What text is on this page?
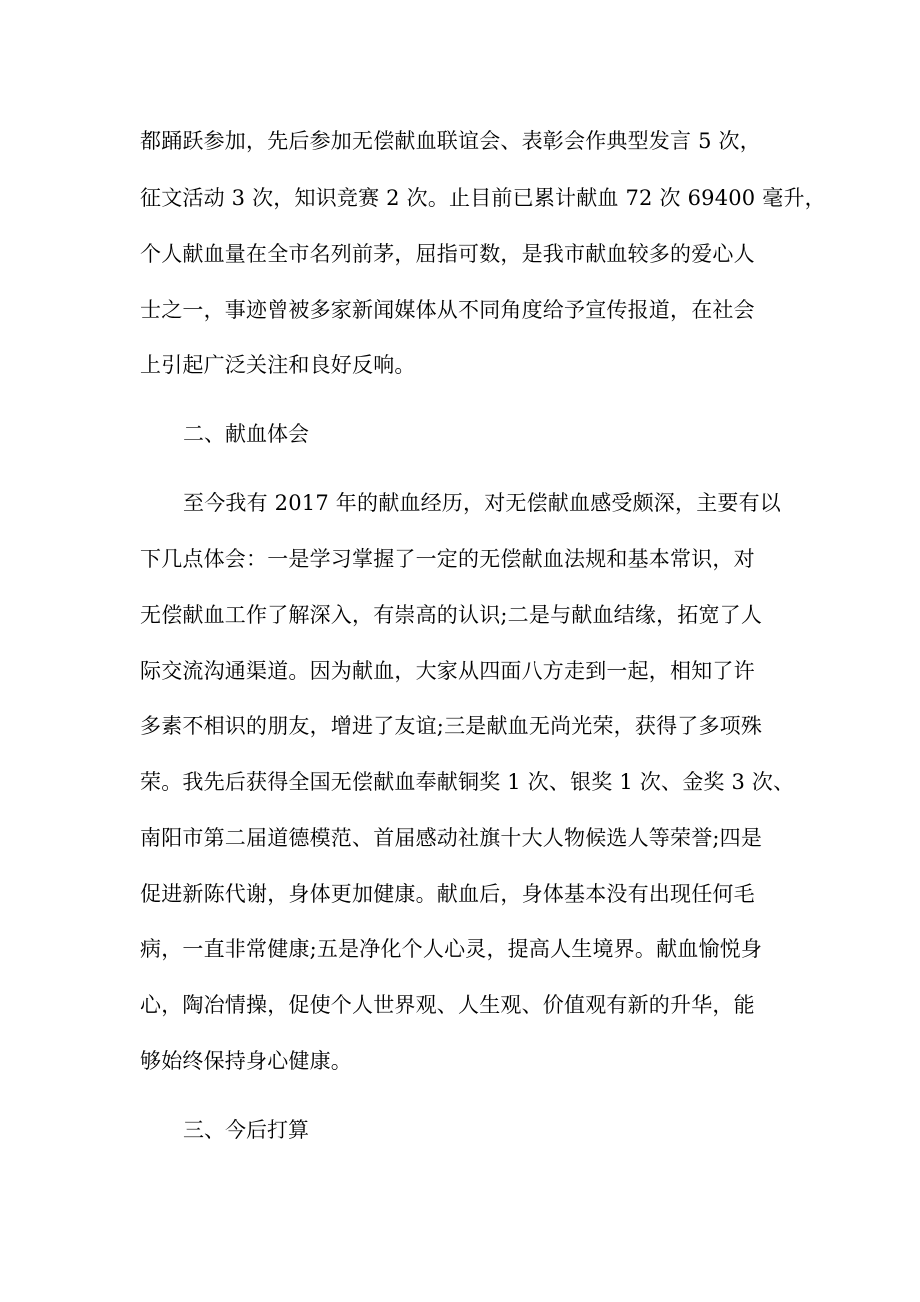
都踊跃参加，先后参加无偿献血联谊会、表彰会作典型发言 5 次，
征文活动 3 次，知识竞赛 2 次。止目前已累计献血 72 次 69400 毫升，
个人献血量在全市名列前茅，屈指可数，是我市献血较多的爱心人
士之一，事迹曾被多家新闻媒体从不同角度给予宣传报道，在社会
上引起广泛关注和良好反响。
二、献血体会
至今我有 2017 年的献血经历，对无偿献血感受颇深，主要有以
下几点体会：一是学习掌握了一定的无偿献血法规和基本常识，对
无偿献血工作了解深入，有崇高的认识;二是与献血结缘，拓宽了人
际交流沟通渠道。因为献血，大家从四面八方走到一起，相知了许
多素不相识的朋友，增进了友谊;三是献血无尚光荣，获得了多项殊
荣。我先后获得全国无偿献血奉献铜奖 1 次、银奖 1 次、金奖 3 次、
南阳市第二届道德模范、首届感动社旗十大人物候选人等荣誉;四是
促进新陈代谢，身体更加健康。献血后，身体基本没有出现任何毛
病，一直非常健康;五是净化个人心灵，提高人生境界。献血愉悦身
心，陶冶情操，促使个人世界观、人生观、价值观有新的升华，能
够始终保持身心健康。
三、今后打算
